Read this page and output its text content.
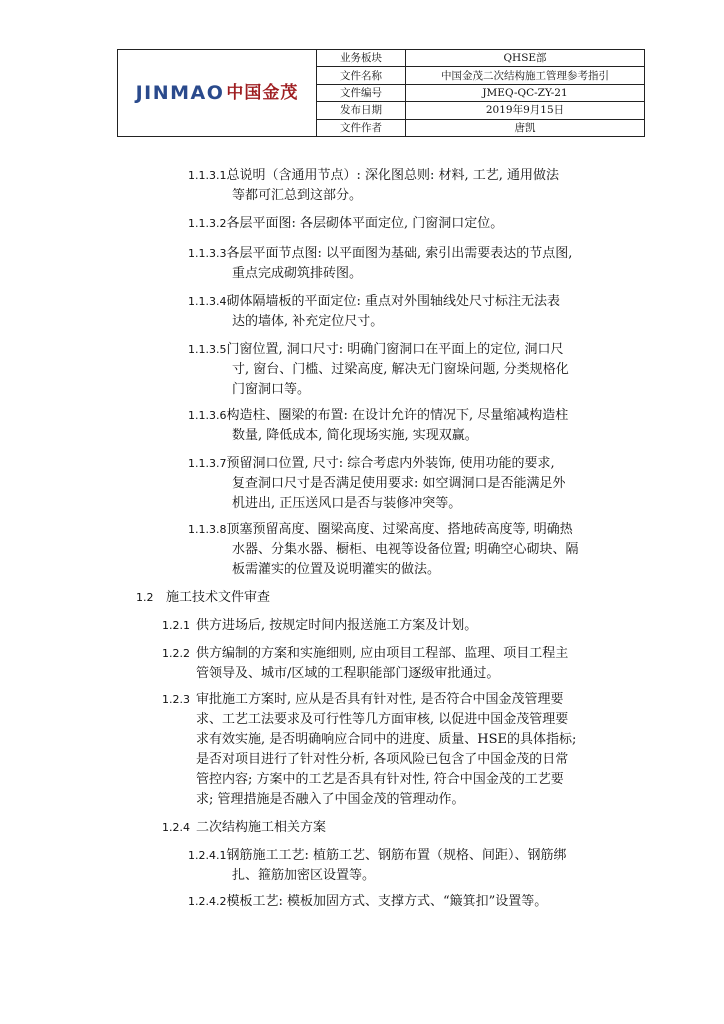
JINMAO 中国金茂	业务板块	QHSE部
	文件名称	中国金茂二次结构施工管理参考指引
	文件编号	JMEQ-QC-ZY-21
	发布日期	2019年9月15日
	文件作者	唐凯
1.1.3.1总说明（含通用节点）: 深化图总则: 材料, 工艺, 通用做法
等都可汇总到这部分。
1.1.3.2各层平面图: 各层砌体平面定位, 门窗洞口定位。
1.1.3.3各层平面节点图: 以平面图为基础, 索引出需要表达的节点图,
重点完成砌筑排砖图。
1.1.3.4砌体隔墙板的平面定位: 重点对外围轴线处尺寸标注无法表
达的墙体, 补充定位尺寸。
1.1.3.5门窗位置, 洞口尺寸: 明确门窗洞口在平面上的定位, 洞口尺
寸, 窗台、门槛、过梁高度, 解决无门窗垛问题, 分类规格化
门窗洞口等。
1.1.3.6构造柱、圈梁的布置: 在设计允许的情况下, 尽量缩减构造柱
数量, 降低成本, 简化现场实施, 实现双赢。
1.1.3.7预留洞口位置, 尺寸: 综合考虑内外装饰, 使用功能的要求,
复查洞口尺寸是否满足使用要求: 如空调洞口是否能满足外
机进出, 正压送风口是否与装修冲突等。
1.1.3.8顶塞预留高度、圈梁高度、过梁高度、搭地砖高度等, 明确热
水器、分集水器、橱柜、电视等设备位置; 明确空心砌块、隔
板需灌实的位置及说明灌实的做法。
1.2 施工技术文件审查
1.2.1 供方进场后, 按规定时间内报送施工方案及计划。
1.2.2 供方编制的方案和实施细则, 应由项目工程部、监理、项目工程主
管领导及、城市/区域的工程职能部门逐级审批通过。
1.2.3 审批施工方案时, 应从是否具有针对性, 是否符合中国金茂管理要
求、工艺工法要求及可行性等几方面审核, 以促进中国金茂管理要
求有效实施, 是否明确响应合同中的进度、质量、HSE的具体指标;
是否对项目进行了针对性分析, 各项风险已包含了中国金茂的日常
管控内容; 方案中的工艺是否具有针对性, 符合中国金茂的工艺要
求; 管理措施是否融入了中国金茂的管理动作。
1.2.4 二次结构施工相关方案
1.2.4.1钢筋施工工艺: 植筋工艺、钢筋布置（规格、间距）、钢筋绑
扎、箍筋加密区设置等。
1.2.4.2模板工艺: 模板加固方式、支撑方式、“簸箕扣”设置等。
